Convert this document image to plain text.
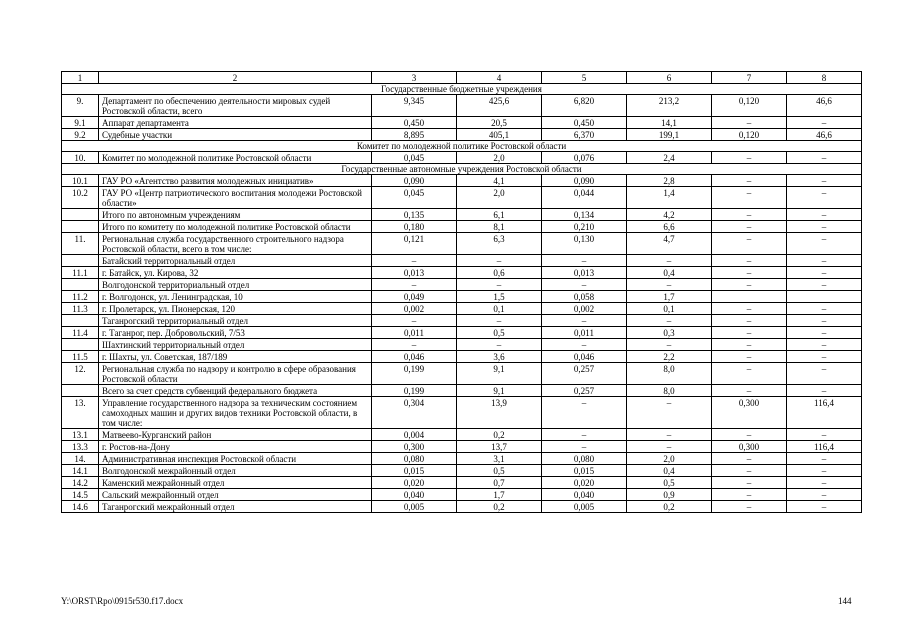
1	2	3	4	5	6	7	8
Государственные бюджетные учреждения							
9.	Департамент по обеспечению деятельности мировых судей Ростовской области, всего	9,345	425,6	6,820	213,2	0,120	46,6
9.1	Аппарат департамента	0,450	20,5	0,450	14,1	–	–
9.2	Судебные участки	8,895	405,1	6,370	199,1	0,120	46,6
Комитет по молодежной политике Ростовской области							
10.	Комитет по молодежной политике Ростовской области	0,045	2,0	0,076	2,4	–	–
Государственные автономные учреждения Ростовской области							
10.1	ГАУ РО «Агентство развития молодежных инициатив»	0,090	4,1	0,090	2,8	–	–
10.2	ГАУ РО «Центр патриотического воспитания молодежи Ростовской области»	0,045	2,0	0,044	1,4	–	–
	Итого по автономным учреждениям	0,135	6,1	0,134	4,2	–	–
	Итого по комитету по молодежной политике Ростовской области	0,180	8,1	0,210	6,6	–	–
11.	Региональная служба государственного строительного надзора Ростовской области, всего в том числе:	0,121	6,3	0,130	4,7	–	–
	Батайский территориальный отдел	–	–	–	–	–	–
11.1	г. Батайск, ул. Кирова, 32	0,013	0,6	0,013	0,4	–	–
	Волгодонской территориальный отдел	–	–	–	–	–	–
11.2	г. Волгодонск, ул. Ленинградская, 10	0,049	1,5	0,058	1,7		
11.3	г. Пролетарск, ул. Пионерская, 120	0,002	0,1	0,002	0,1	–	–
	Таганрогский территориальный отдел	–	–	–	–	–	–
11.4	г. Таганрог, пер. Добровольский, 7/53	0,011	0,5	0,011	0,3	–	–
	Шахтинский территориальный отдел	–	–	–	–	–	–
11.5	г. Шахты, ул. Советская, 187/189	0,046	3,6	0,046	2,2	–	–
12.	Региональная служба по надзору и контролю в сфере образования Ростовской области	0,199	9,1	0,257	8,0	–	–
	Всего за счет средств субвенций федерального бюджета	0,199	9,1	0,257	8,0	–	–
13.	Управление государственного надзора за техническим состоянием самоходных машин и других видов техники Ростовской области, в том числе:	0,304	13,9	–	–	0,300	116,4
13.1	Матвеево-Курганский район	0,004	0,2	–	–	–	–
13.3	г. Ростов-на-Дону	0,300	13,7	–	–	0,300	116,4
14.	Административная инспекция Ростовской области	0,080	3,1	0,080	2,0	–	–
14.1	Волгодонской межрайонный отдел	0,015	0,5	0,015	0,4	–	–
14.2	Каменский межрайонный отдел	0,020	0,7	0,020	0,5	–	–
14.5	Сальский межрайонный отдел	0,040	1,7	0,040	0,9	–	–
14.6	Таганрогский межрайонный отдел	0,005	0,2	0,005	0,2	–	–
Y:\ORST\Rpo\0915r530.f17.docx	144
